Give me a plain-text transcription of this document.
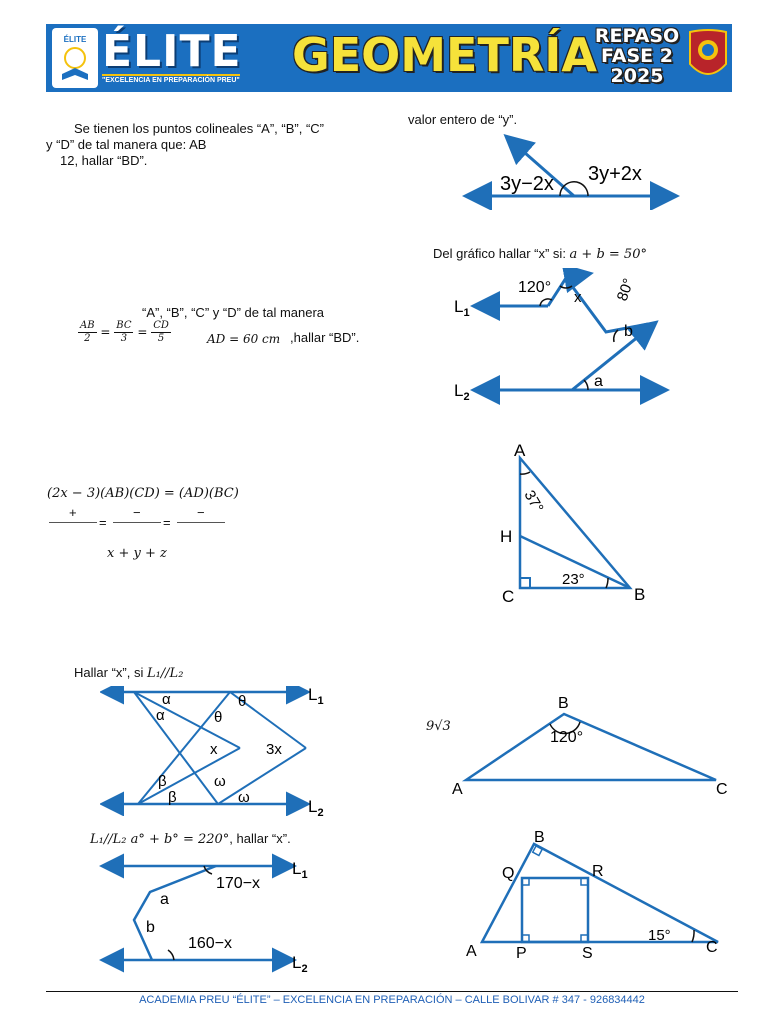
ÉLITE ÉLITE
"EXCELENCIA EN PREPARACIÓN PREU" GEOMETRÍA
REPASO
FASE 2
2025
Se tienen los puntos colineales “A”, “B”, “C”
y “D” de tal manera que: AB
12, hallar “BD”.
“A”, “B”, “C” y “D” de tal manera
$\frac{AB}{2} = \frac{BC}{3} = \frac{CD}{5}$	AD = 60 cm ,hallar “BD”.
(2x − 3)(AB)(CD) = (AD)(BC)
+
=
−
=
−
x + y + z
Hallar “x”, si L₁//L₂
L₁//L₂ a° + b° = 220°, hallar “x”.
valor entero de “y”.
Del gráfico hallar “x” si: a + b = 50°
9√3
3y−2x 3y+2x
$L_1$
$L_2$
120°
x 80°
b
a
A
H
C	B
37°
23°
α
α
θ
θ
x	3x
β
β
ω
ω
$L_1$
$L_2$
B
A	C
120°
170−x
160−x
a
b
$L_1$
$L_2$
B
Q	R
A P	S	C
15°
ACADEMIA PREU “ÉLITE” – EXCELENCIA EN PREPARACIÓN – CALLE BOLIVAR # 347 - 926834442
